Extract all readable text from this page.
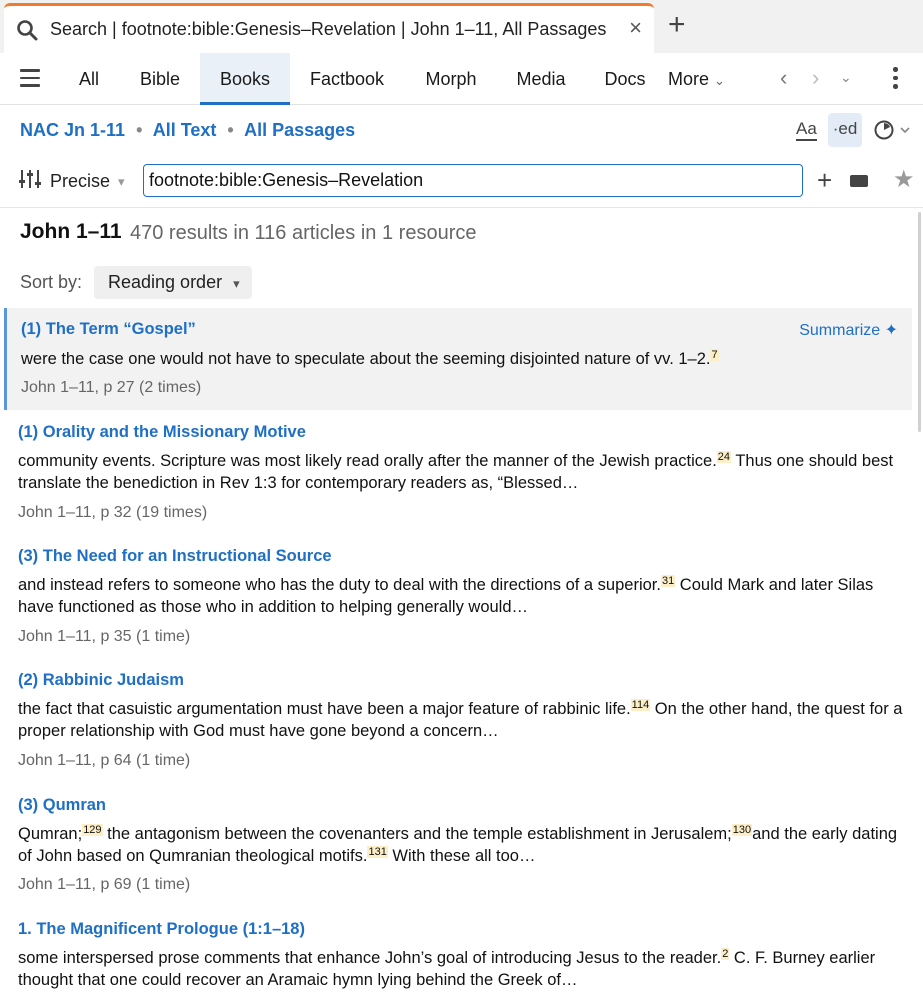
Search | footnote:bible:Genesis–Revelation | John 1–11, All Passages	× +
All	Bible	Books	Factbook	Morph	Media	Docs	More ⌄	‹ › ⌄
NAC Jn 1-11 • All Text • All Passages	Aa ·ed
Precise ▾	footnote:bible:Genesis–Revelation	+	★
John 1–11 470 results in 116 articles in 1 resource
Sort by:	Reading order ▾
(1) The Term “Gospel”	Summarize ✦
were the case one would not have to speculate about the seeming disjointed nature of vv. 1–2.$^7$
John 1–11, p 27 (2 times)
(1) Orality and the Missionary Motive
community events. Scripture was most likely read orally after the manner of the Jewish practice.$^{24}$ Thus one should best translate the benediction in Rev 1:3 for contemporary readers as, “Blessed…
John 1–11, p 32 (19 times)
(3) The Need for an Instructional Source
and instead refers to someone who has the duty to deal with the directions of a superior.$^{31}$ Could Mark and later Silas have functioned as those who in addition to helping generally would…
John 1–11, p 35 (1 time)
(2) Rabbinic Judaism
the fact that casuistic argumentation must have been a major feature of rabbinic life.$^{114}$ On the other hand, the quest for a proper relationship with God must have gone beyond a concern…
John 1–11, p 64 (1 time)
(3) Qumran
Qumran;$^{129}$ the antagonism between the covenanters and the temple establishment in Jerusalem;$^{130}$and the early dating of John based on Qumranian theological motifs.$^{131}$ With these all too…
John 1–11, p 69 (1 time)
1. The Magnificent Prologue (1:1–18)
some interspersed prose comments that enhance John’s goal of introducing Jesus to the reader.$^2$ C. F. Burney earlier thought that one could recover an Aramaic hymn lying behind the Greek of…
